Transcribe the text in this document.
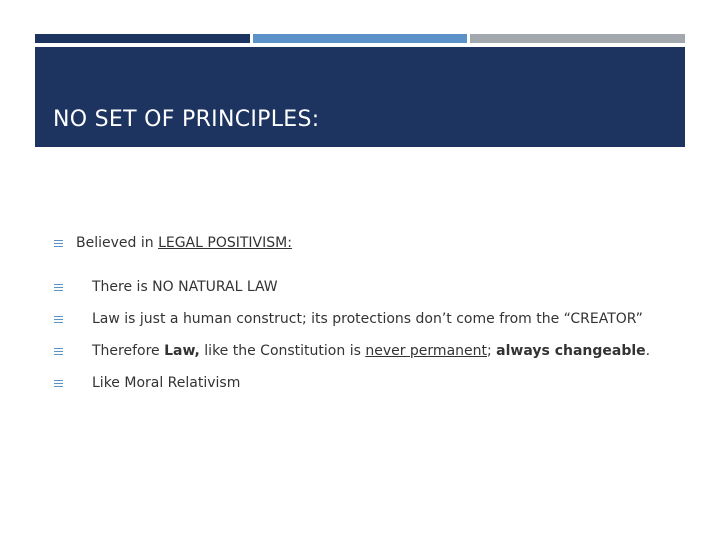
NO SET OF PRINCIPLES:
Believed in LEGAL POSITIVISM:
There is NO NATURAL LAW
Law is just a human construct; its protections don’t come from the “CREATOR”
Therefore Law, like the Constitution is never permanent; always changeable.
Like Moral Relativism
